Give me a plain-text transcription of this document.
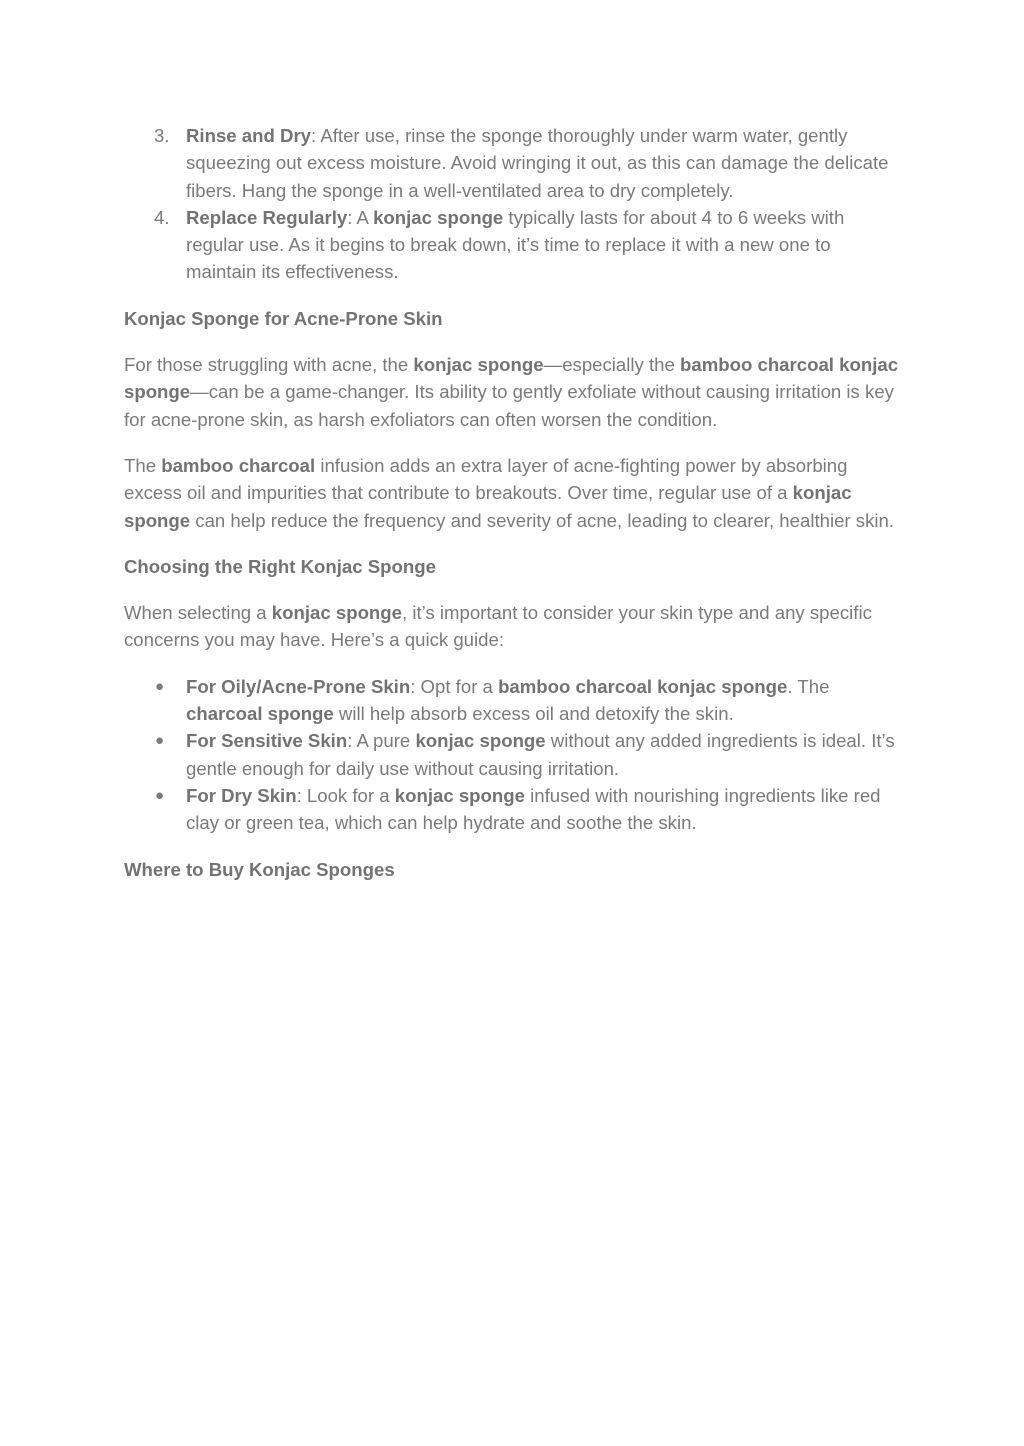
3. Rinse and Dry: After use, rinse the sponge thoroughly under warm water, gently squeezing out excess moisture. Avoid wringing it out, as this can damage the delicate fibers. Hang the sponge in a well-ventilated area to dry completely.
4. Replace Regularly: A konjac sponge typically lasts for about 4 to 6 weeks with regular use. As it begins to break down, it’s time to replace it with a new one to maintain its effectiveness.
Konjac Sponge for Acne-Prone Skin

For those struggling with acne, the konjac sponge—especially the bamboo charcoal konjac sponge—can be a game-changer. Its ability to gently exfoliate without causing irritation is key for acne-prone skin, as harsh exfoliators can often worsen the condition.

The bamboo charcoal infusion adds an extra layer of acne-fighting power by absorbing excess oil and impurities that contribute to breakouts. Over time, regular use of a konjac sponge can help reduce the frequency and severity of acne, leading to clearer, healthier skin.

Choosing the Right Konjac Sponge

When selecting a konjac sponge, it’s important to consider your skin type and any specific concerns you may have. Here’s a quick guide:

● For Oily/Acne-Prone Skin: Opt for a bamboo charcoal konjac sponge. The charcoal sponge will help absorb excess oil and detoxify the skin.
● For Sensitive Skin: A pure konjac sponge without any added ingredients is ideal. It’s gentle enough for daily use without causing irritation.
● For Dry Skin: Look for a konjac sponge infused with nourishing ingredients like red clay or green tea, which can help hydrate and soothe the skin.
Where to Buy Konjac Sponges
